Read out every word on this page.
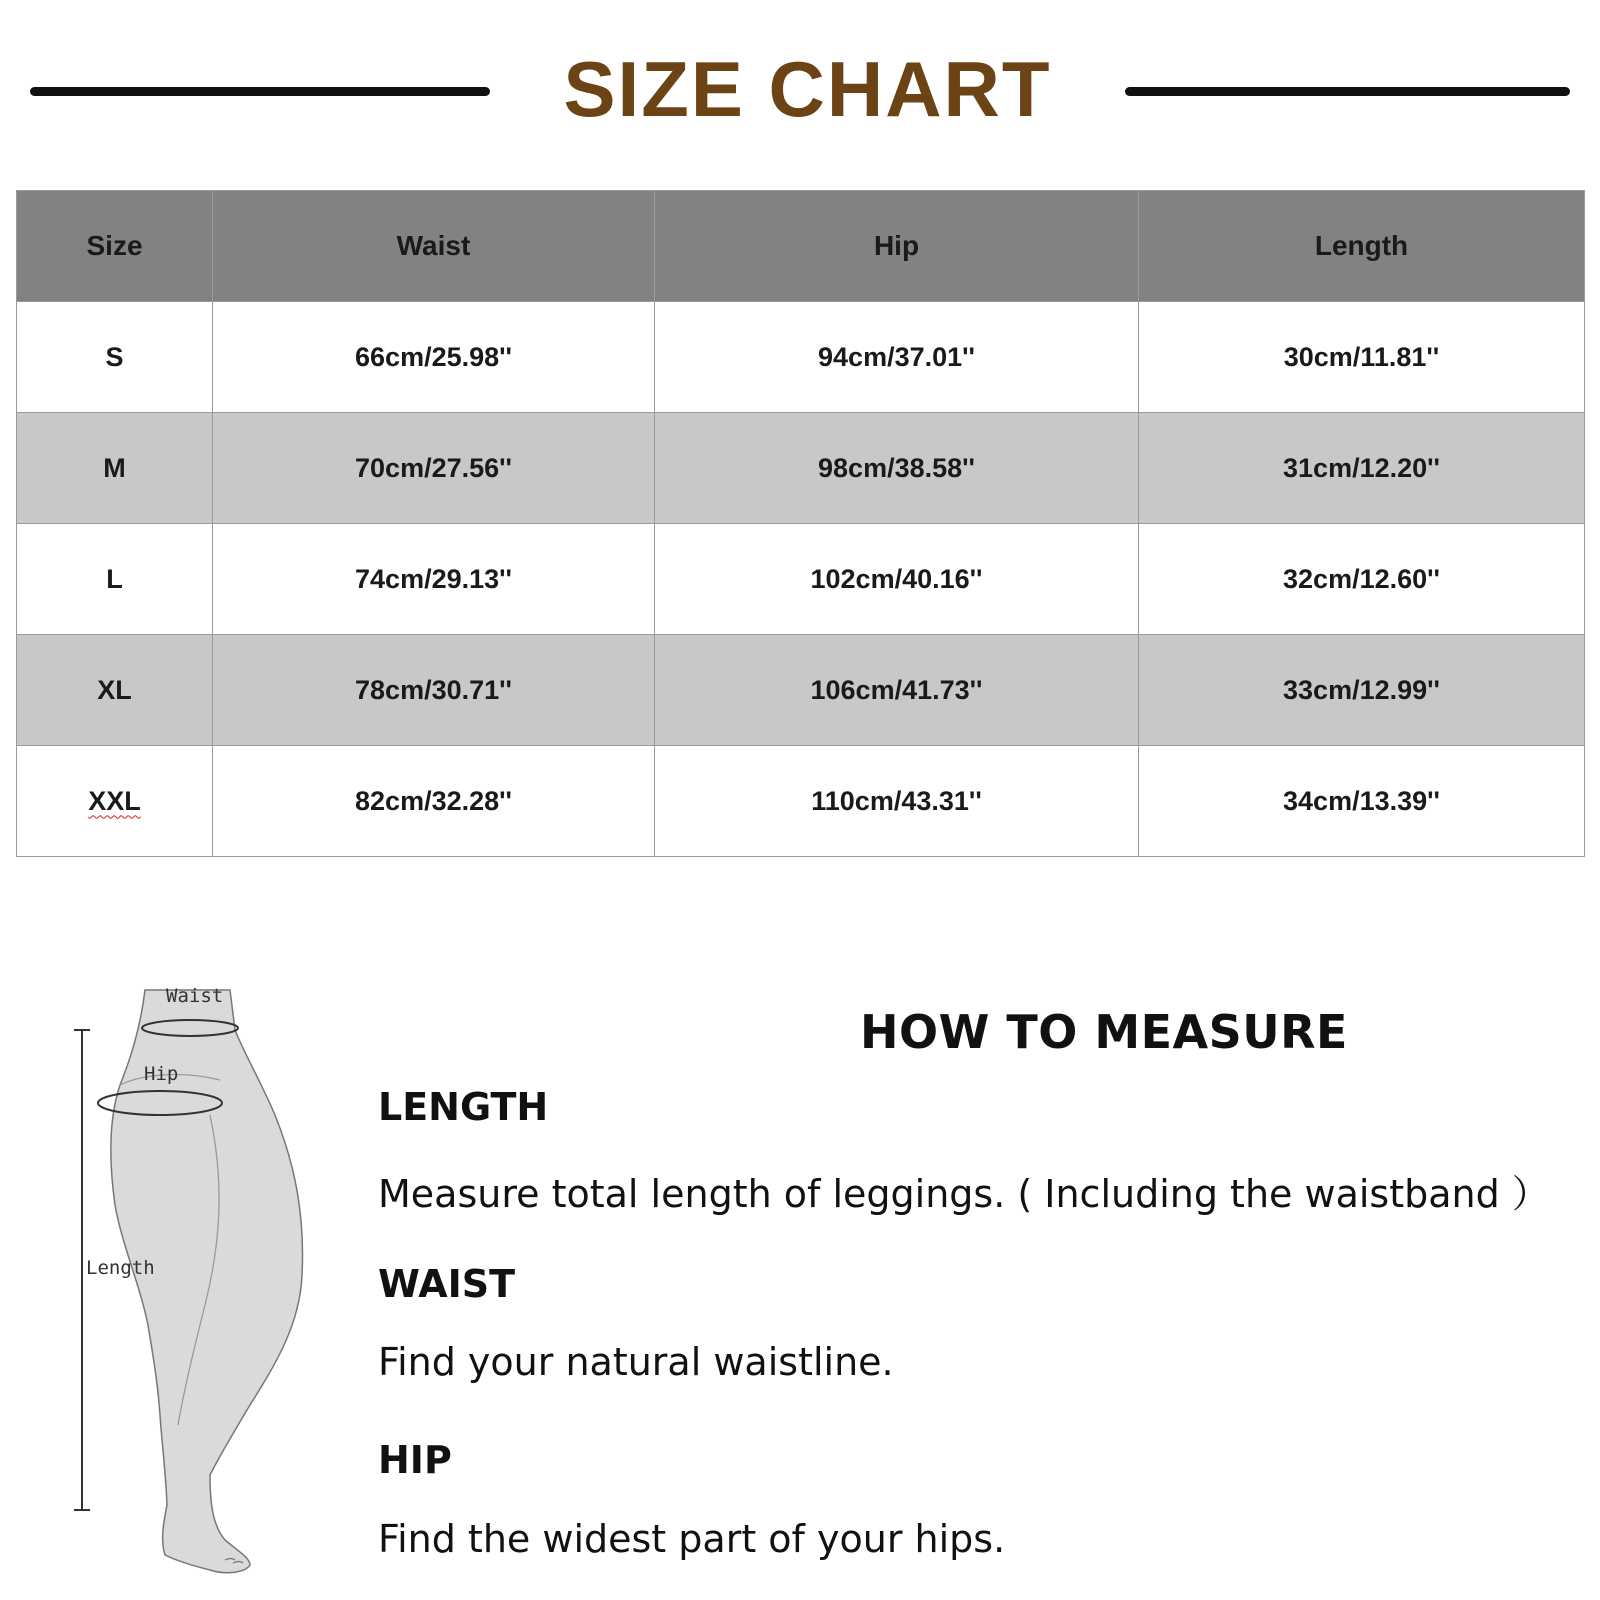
SIZE CHART
Size	Waist	Hip	Length
S	66cm/25.98''	94cm/37.01''	30cm/11.81''
M	70cm/27.56''	98cm/38.58''	31cm/12.20''
L	74cm/29.13''	102cm/40.16''	32cm/12.60''
XL	78cm/30.71''	106cm/41.73''	33cm/12.99''
XXL	82cm/32.28''	110cm/43.31''	34cm/13.39''
Waist
Hip
Length
HOW TO MEASURE
LENGTH
Measure total length of leggings. ( Including the waistband ）
WAIST
Find your natural waistline.
HIP
Find the widest part of your hips.
